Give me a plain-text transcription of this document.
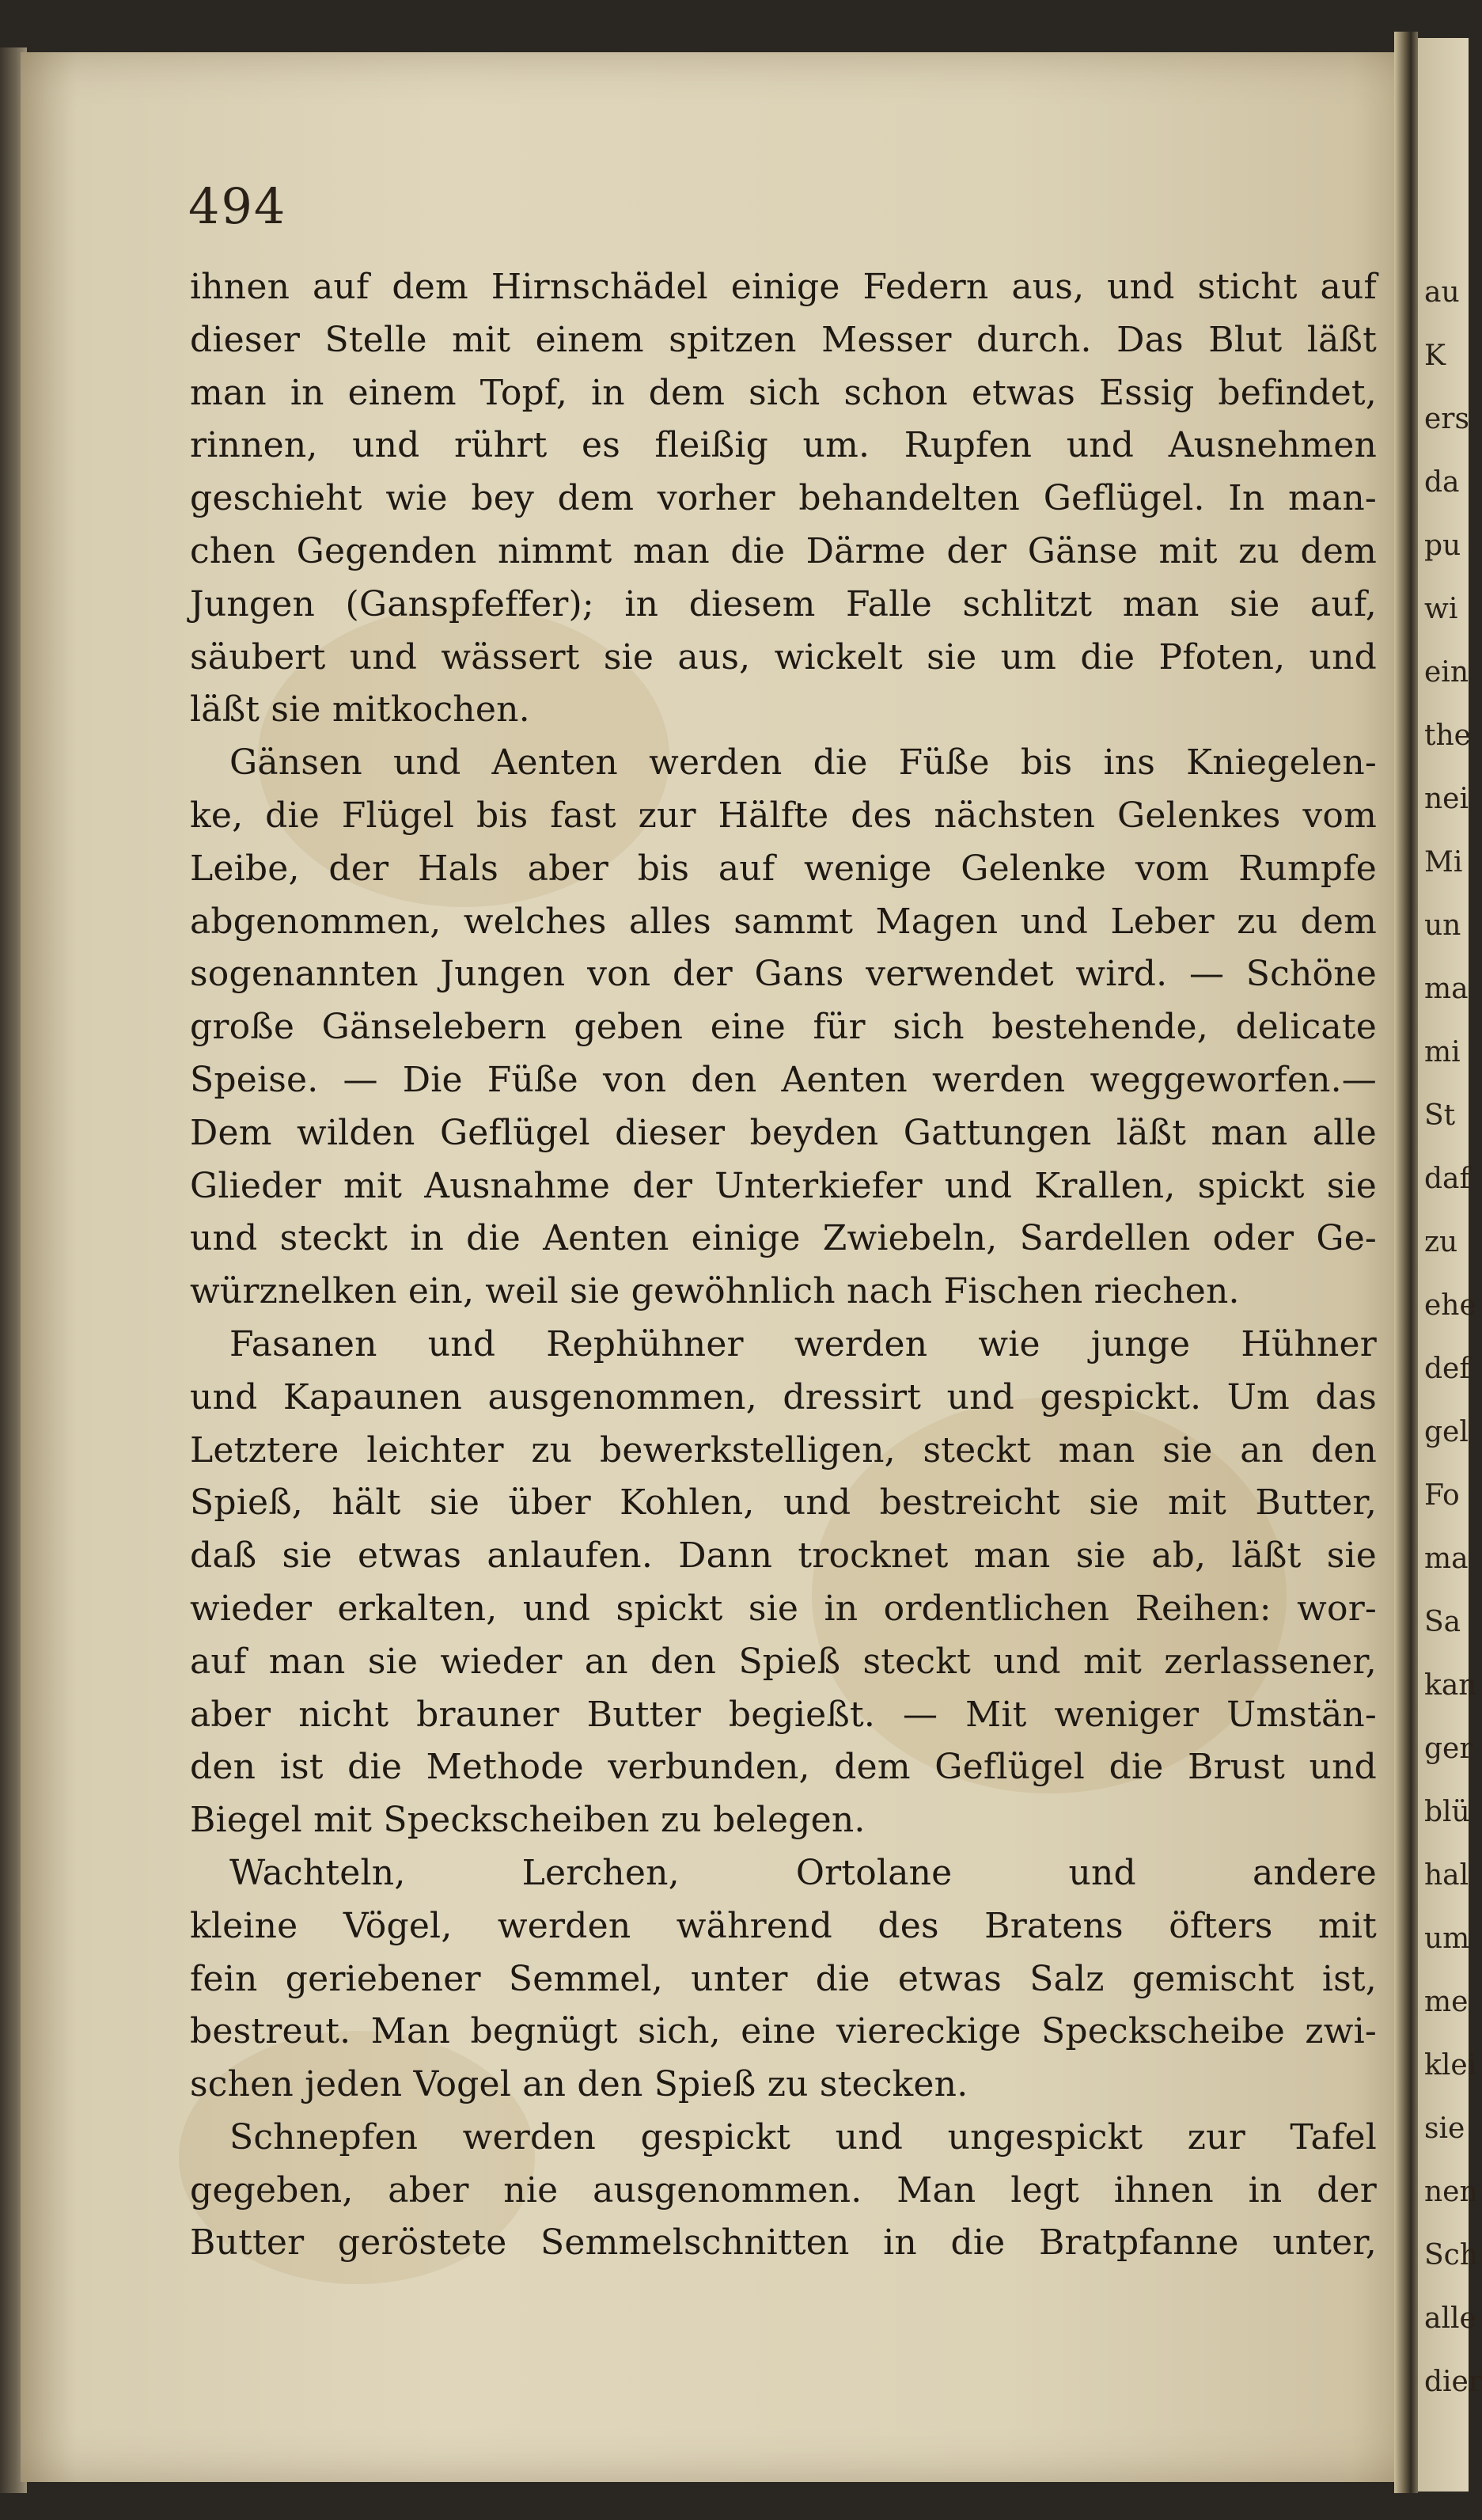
494
ihnen auf dem Hirnschädel einige Federn aus, und sticht auf
dieser Stelle mit einem spitzen Messer durch. Das Blut läßt
man in einem Topf, in dem sich schon etwas Essig befindet,
rinnen, und rührt es fleißig um. Rupfen und Ausnehmen
geschieht wie bey dem vorher behandelten Geflügel. In man-
chen Gegenden nimmt man die Därme der Gänse mit zu dem
Jungen (Ganspfeffer); in diesem Falle schlitzt man sie auf,
säubert und wässert sie aus, wickelt sie um die Pfoten, und
läßt sie mitkochen.
Gänsen und Aenten werden die Füße bis ins Kniegelen-
ke, die Flügel bis fast zur Hälfte des nächsten Gelenkes vom
Leibe, der Hals aber bis auf wenige Gelenke vom Rumpfe
abgenommen, welches alles sammt Magen und Leber zu dem
sogenannten Jungen von der Gans verwendet wird. — Schöne
große Gänselebern geben eine für sich bestehende, delicate
Speise. — Die Füße von den Aenten werden weggeworfen.—
Dem wilden Geflügel dieser beyden Gattungen läßt man alle
Glieder mit Ausnahme der Unterkiefer und Krallen, spickt sie
und steckt in die Aenten einige Zwiebeln, Sardellen oder Ge-
würznelken ein, weil sie gewöhnlich nach Fischen riechen.
Fasanen und Rephühner werden wie junge Hühner
und Kapaunen ausgenommen, dressirt und gespickt. Um das
Letztere leichter zu bewerkstelligen, steckt man sie an den
Spieß, hält sie über Kohlen, und bestreicht sie mit Butter,
daß sie etwas anlaufen. Dann trocknet man sie ab, läßt sie
wieder erkalten, und spickt sie in ordentlichen Reihen: wor-
auf man sie wieder an den Spieß steckt und mit zerlassener,
aber nicht brauner Butter begießt. — Mit weniger Umstän-
den ist die Methode verbunden, dem Geflügel die Brust und
Biegel mit Speckscheiben zu belegen.
Wachteln, Lerchen, Ortolane und andere
kleine Vögel, werden während des Bratens öfters mit
fein geriebener Semmel, unter die etwas Salz gemischt ist,
bestreut. Man begnügt sich, eine viereckige Speckscheibe zwi-
schen jeden Vogel an den Spieß zu stecken.
Schnepfen werden gespickt und ungespickt zur Tafel
gegeben, aber nie ausgenommen. Man legt ihnen in der
Butter geröstete Semmelschnitten in die Bratpfanne unter,
au
K
ers
da
pu
wi
ein
the
nei
Mi
un
ma
mi
St
daf
zu
ehe
def
gel
Fo
ma
Sa
kan
ger
blü
hal
um
me
klei
sie
nen
Sch
alle
dier
